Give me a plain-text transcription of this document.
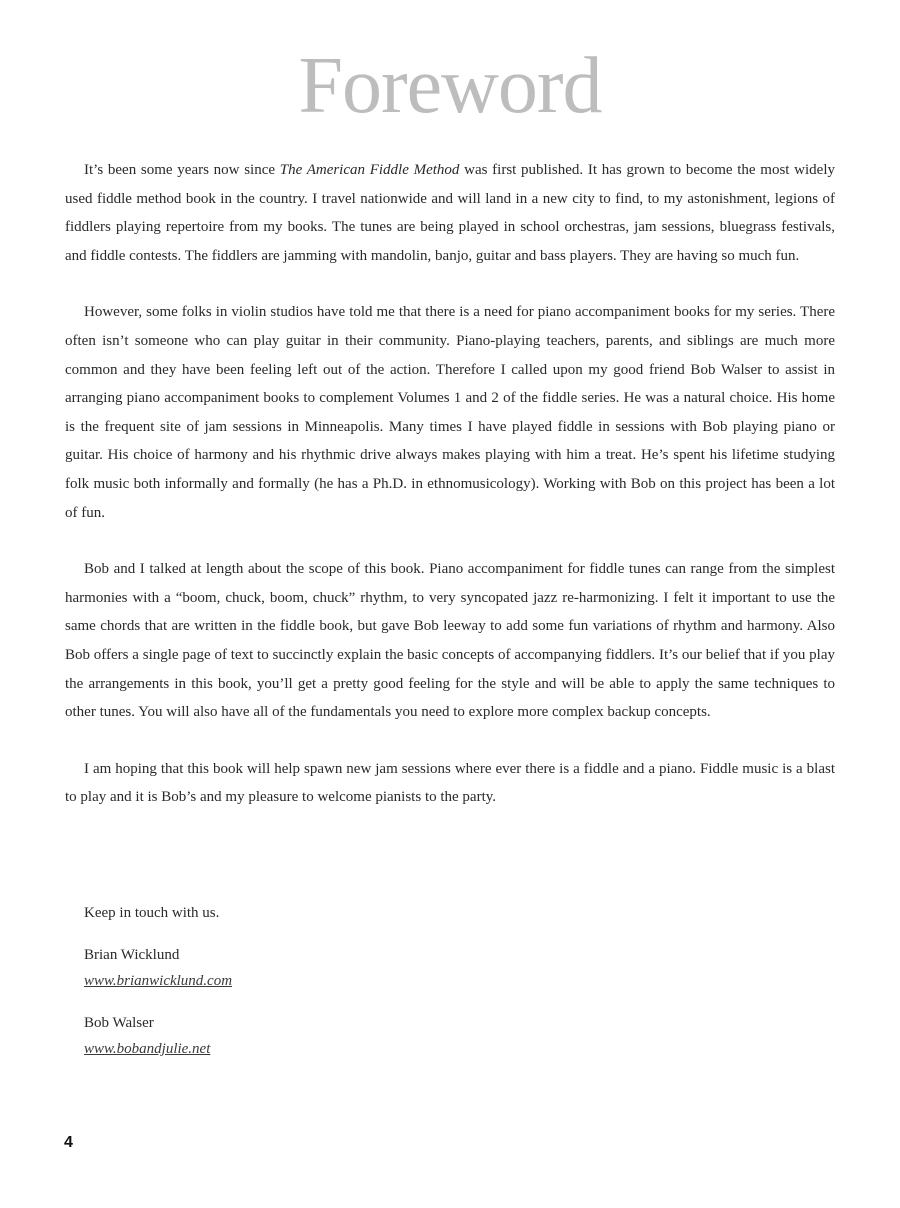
Foreword

It’s been some years now since The American Fiddle Method was first published. It has grown to become the most widely used fiddle method book in the country. I travel nationwide and will land in a new city to find, to my astonishment, legions of fiddlers playing repertoire from my books. The tunes are being played in school orchestras, jam sessions, bluegrass festivals, and fiddle contests. The fiddlers are jamming with mandolin, banjo, guitar and bass players. They are having so much fun.

However, some folks in violin studios have told me that there is a need for piano accompaniment books for my series. There often isn’t someone who can play guitar in their community. Piano-playing teachers, parents, and siblings are much more common and they have been feeling left out of the action. Therefore I called upon my good friend Bob Walser to assist in arranging piano accompaniment books to complement Volumes 1 and 2 of the fiddle series. He was a natural choice. His home is the frequent site of jam sessions in Minneapolis. Many times I have played fiddle in sessions with Bob playing piano or guitar. His choice of harmony and his rhythmic drive always makes playing with him a treat. He’s spent his lifetime studying folk music both informally and formally (he has a Ph.D. in ethnomusicology). Working with Bob on this project has been a lot of fun.

Bob and I talked at length about the scope of this book. Piano accompaniment for fiddle tunes can range from the simplest harmonies with a “boom, chuck, boom, chuck” rhythm, to very syncopated jazz re-harmonizing. I felt it important to use the same chords that are written in the fiddle book, but gave Bob leeway to add some fun variations of rhythm and harmony. Also Bob offers a single page of text to succinctly explain the basic concepts of accompanying fiddlers. It’s our belief that if you play the arrangements in this book, you’ll get a pretty good feeling for the style and will be able to apply the same techniques to other tunes. You will also have all of the fundamentals you need to explore more complex backup concepts.

I am hoping that this book will help spawn new jam sessions where ever there is a fiddle and a piano. Fiddle music is a blast to play and it is Bob’s and my pleasure to welcome pianists to the party.

Keep in touch with us.
Brian Wicklund
www.brianwicklund.com
Bob Walser
www.bobandjulie.net
4
